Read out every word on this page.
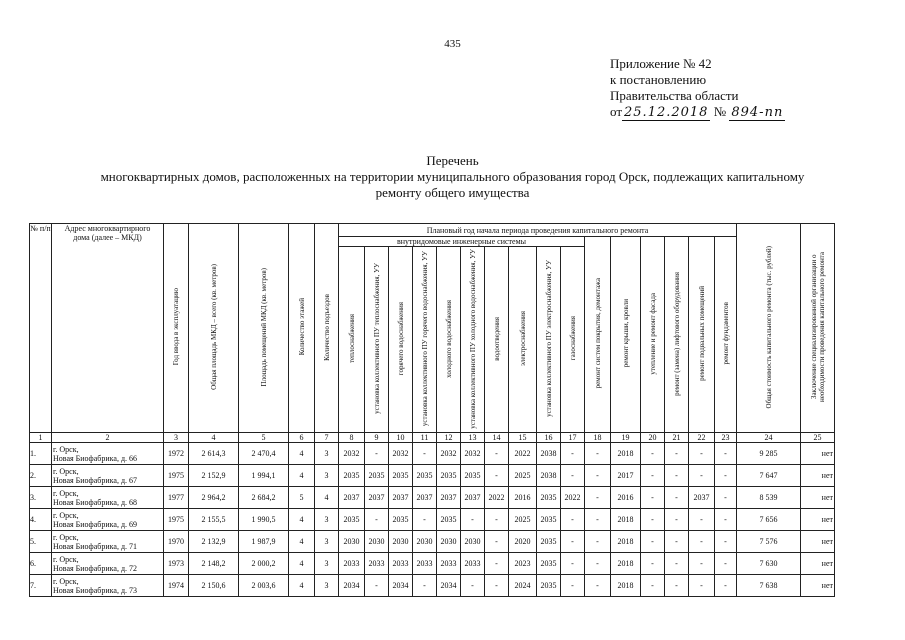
435
Приложение № 42
к постановлению
Правительства области
от 25.12.2018 № 894-пп
Перечень
многоквартирных домов, расположенных на территории муниципального образования город Орск, подлежащих капитальному
ремонту общего имущества
№ п/п	Адрес многоквартирного дома (далее – МКД)	Год ввода в эксплуатацию	Общая площадь МКД – всего (кв. метров)	Площадь помещений МКД (кв. метров)	Количество этажей	Количество подъездов	Плановый год начала периода проведения капитального ремонта																Общая стоимость капитального ремонта (тыс. рублей)	Заключение специализированной организации о необходимости проведения капитального ремонта
							внутридомовые инженерные системы										ремонт систем покрытия, демонтажа	ремонт крыши, кровли	утепление и ремонт фасада	ремонт (замена) лифтового оборудования	ремонт подвальных помещений	ремонт фундаментов		
							теплоснабжения	установка коллективного ПУ теплоснабжения, УУ	горячего водоснабжения	установка коллективного ПУ горячего водоснабжения, УУ	холодного водоснабжения	установка коллективного ПУ холодного водоснабжения, УУ	водоотведения	электроснабжения	установка коллективного ПУ электроснабжения, УУ	газоснабжения								
1	2	3	4	5	6	7	8	9	10	11	12	13	14	15	16	17	18	19	20	21	22	23	24	25
1.	г. Орск,
Новая Биофабрика, д. 66	1972	2 614,3	2 470,4	4	3	2032	-	2032	-	2032	2032	-	2022	2038	-	-	2018	-	-	-	-	9 285	нет
2.	г. Орск,
Новая Биофабрика, д. 67	1975	2 152,9	1 994,1	4	3	2035	2035	2035	2035	2035	2035	-	2025	2038	-	-	2017	-	-	-	-	7 647	нет
3.	г. Орск,
Новая Биофабрика, д. 68	1977	2 964,2	2 684,2	5	4	2037	2037	2037	2037	2037	2037	2022	2016	2035	2022	-	2016	-	-	2037	-	8 539	нет
4.	г. Орск,
Новая Биофабрика, д. 69	1975	2 155,5	1 990,5	4	3	2035	-	2035	-	2035	-	-	2025	2035	-	-	2018	-	-	-	-	7 656	нет
5.	г. Орск,
Новая Биофабрика, д. 71	1970	2 132,9	1 987,9	4	3	2030	2030	2030	2030	2030	2030	-	2020	2035	-	-	2018	-	-	-	-	7 576	нет
6.	г. Орск,
Новая Биофабрика, д. 72	1973	2 148,2	2 000,2	4	3	2033	2033	2033	2033	2033	2033	-	2023	2035	-	-	2018	-	-	-	-	7 630	нет
7.	г. Орск,
Новая Биофабрика, д. 73	1974	2 150,6	2 003,6	4	3	2034	-	2034	-	2034	-	-	2024	2035	-	-	2018	-	-	-	-	7 638	нет
